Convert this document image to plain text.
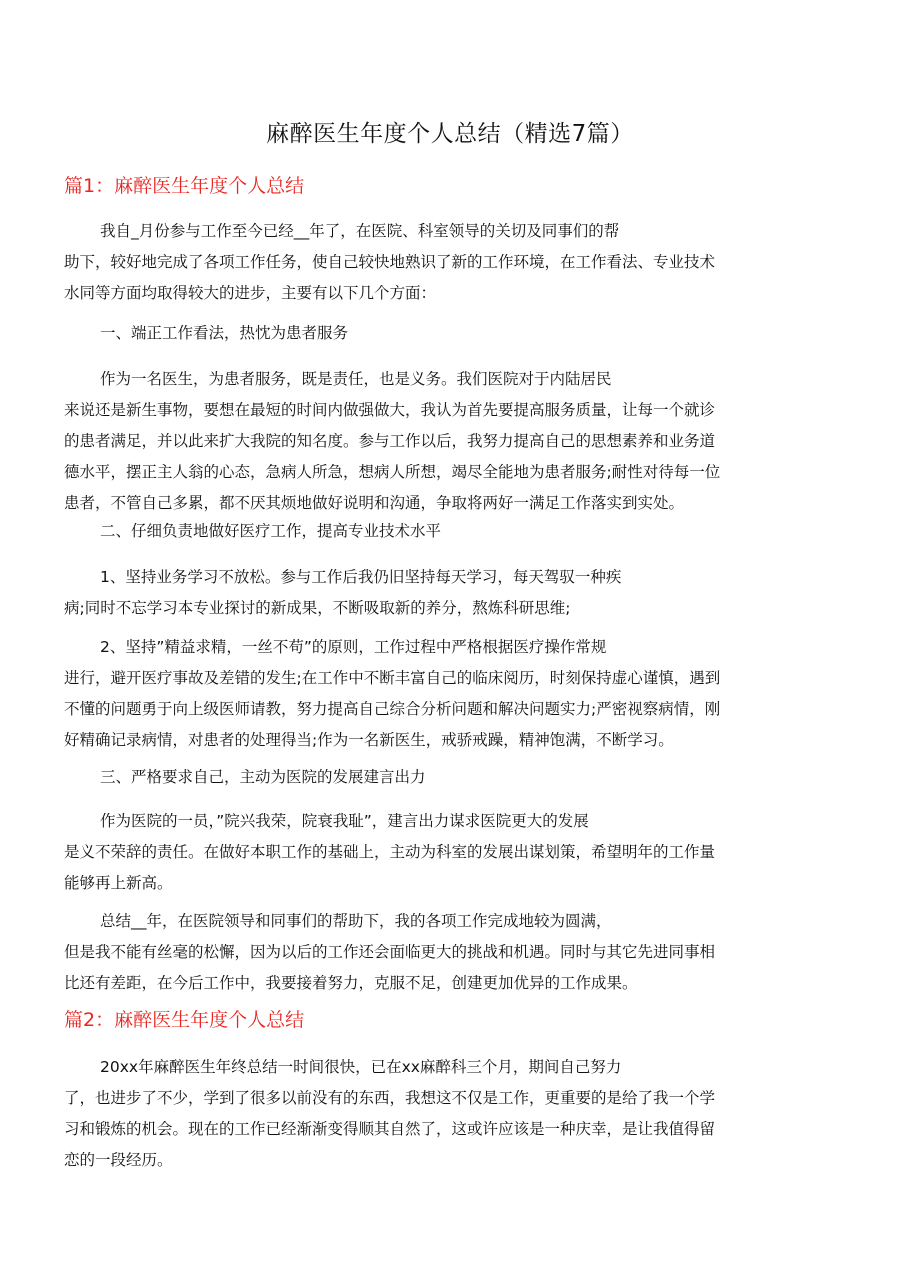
麻醉医生年度个人总结（精选7篇）
篇1：麻醉医生年度个人总结
我自_月份参与工作至今已经__年了，在医院、科室领导的关切及同事们的帮
助下，较好地完成了各项工作任务，使自己较快地熟识了新的工作环境，在工作看法、专业技术
水同等方面均取得较大的进步，主要有以下几个方面：

一、端正工作看法，热忱为患者服务

作为一名医生，为患者服务，既是责任，也是义务。我们医院对于内陆居民
来说还是新生事物，要想在最短的时间内做强做大，我认为首先要提高服务质量，让每一个就诊
的患者满足，并以此来扩大我院的知名度。参与工作以后，我努力提高自己的思想素养和业务道
德水平，摆正主人翁的心态，急病人所急，想病人所想，竭尽全能地为患者服务;耐性对待每一位
患者，不管自己多累，都不厌其烦地做好说明和沟通，争取将两好一满足工作落实到实处。

二、仔细负责地做好医疗工作，提高专业技术水平

1、坚持业务学习不放松。参与工作后我仍旧坚持每天学习，每天驾驭一种疾
病;同时不忘学习本专业探讨的新成果，不断吸取新的养分，熬炼科研思维;
2、坚持”精益求精，一丝不苟”的原则，工作过程中严格根据医疗操作常规
进行，避开医疗事故及差错的发生;在工作中不断丰富自己的临床阅历，时刻保持虚心谨慎，遇到
不懂的问题勇于向上级医师请教，努力提高自己综合分析问题和解决问题实力;严密视察病情，刚
好精确记录病情，对患者的处理得当;作为一名新医生，戒骄戒躁，精神饱满，不断学习。

三、严格要求自己，主动为医院的发展建言出力

作为医院的一员，”院兴我荣，院衰我耻”，建言出力谋求医院更大的发展
是义不荣辞的责任。在做好本职工作的基础上，主动为科室的发展出谋划策，希望明年的工作量
能够再上新高。
总结__年，在医院领导和同事们的帮助下，我的各项工作完成地较为圆满，
但是我不能有丝毫的松懈，因为以后的工作还会面临更大的挑战和机遇。同时与其它先进同事相
比还有差距，在今后工作中，我要接着努力，克服不足，创建更加优异的工作成果。
篇2：麻醉医生年度个人总结
20xx年麻醉医生年终总结一时间很快，已在xx麻醉科三个月，期间自己努力
了，也进步了不少，学到了很多以前没有的东西，我想这不仅是工作，更重要的是给了我一个学
习和锻炼的机会。现在的工作已经渐渐变得顺其自然了，这或许应该是一种庆幸，是让我值得留
恋的一段经历。
